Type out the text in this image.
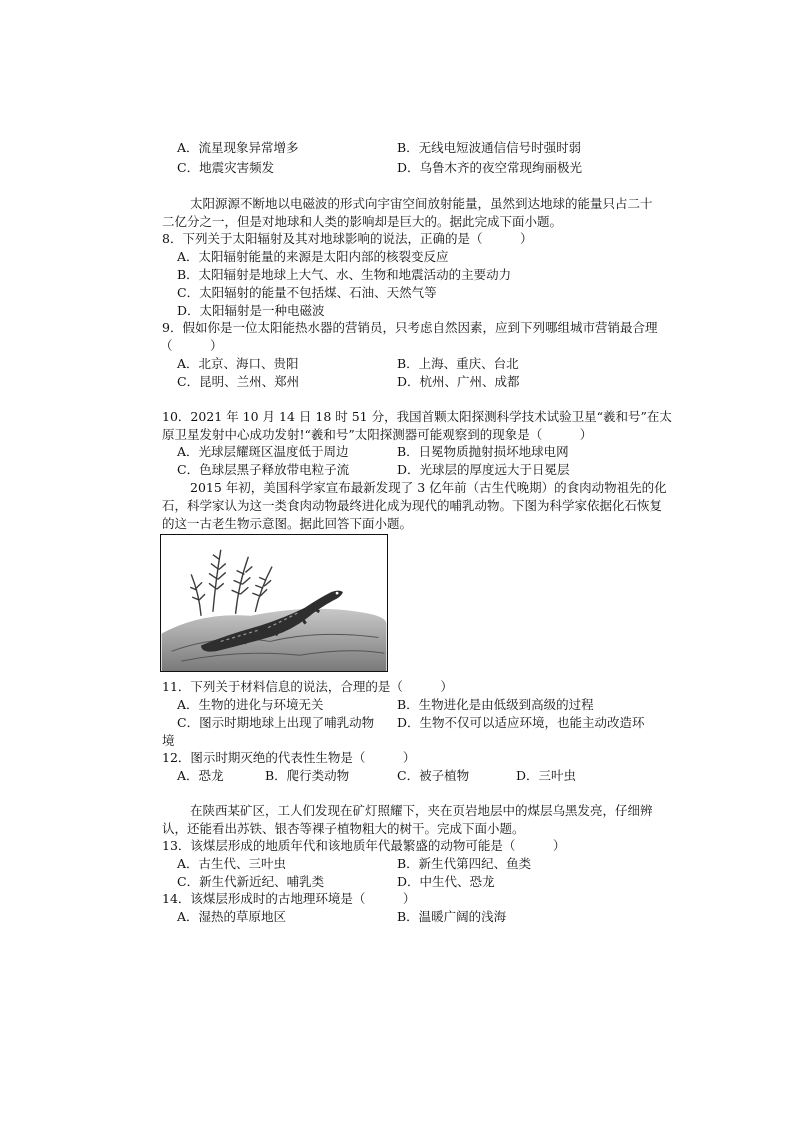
A．流星现象异常增多	B．无线电短波通信信号时强时弱
C．地震灾害频发	D．乌鲁木齐的夜空常现绚丽极光
太阳源源不断地以电磁波的形式向宇宙空间放射能量，虽然到达地球的能量只占二十
二亿分之一，但是对地球和人类的影响却是巨大的。据此完成下面小题。
8．下列关于太阳辐射及其对地球影响的说法，正确的是（　　　）
A．太阳辐射能量的来源是太阳内部的核裂变反应
B．太阳辐射是地球上大气、水、生物和地震活动的主要动力
C．太阳辐射的能量不包括煤、石油、天然气等
D．太阳辐射是一种电磁波
9．假如你是一位太阳能热水器的营销员，只考虑自然因素，应到下列哪组城市营销最合理
（　　　）
A．北京、海口、贵阳	B．上海、重庆、台北
C．昆明、兰州、郑州	D．杭州、广州、成都
10．2021 年 10 月 14 日 18 时 51 分，我国首颗太阳探测科学技术试验卫星“羲和号”在太
原卫星发射中心成功发射!“羲和号”太阳探测器可能观察到的现象是（　　　）
A．光球层耀斑区温度低于周边	B．日冕物质抛射损坏地球电网
C．色球层黑子释放带电粒子流	D．光球层的厚度远大于日冕层
2015 年初，美国科学家宣布最新发现了 3 亿年前（古生代晚期）的食肉动物祖先的化
石，科学家认为这一类食肉动物最终进化成为现代的哺乳动物。下图为科学家依据化石恢复
的这一古老生物示意图。据此回答下面小题。
11．下列关于材料信息的说法，合理的是（　　　）
A．生物的进化与环境无关	B．生物进化是由低级到高级的过程
C．图示时期地球上出现了哺乳动物 D．生物不仅可以适应环境，也能主动改造环
境
12．图示时期灭绝的代表性生物是（　　　）
A．恐龙	B．爬行类动物	C．被子植物	D．三叶虫
在陕西某矿区，工人们发现在矿灯照耀下，夹在页岩地层中的煤层乌黑发亮，仔细辨
认，还能看出苏铁、银杏等裸子植物粗大的树干。完成下面小题。
13．该煤层形成的地质年代和该地质年代最繁盛的动物可能是（　　　）
A．古生代、三叶虫	B．新生代第四纪、鱼类
C．新生代新近纪、哺乳类	D．中生代、恐龙
14．该煤层形成时的古地理环境是（　　　）
A．湿热的草原地区	B．温暖广阔的浅海
